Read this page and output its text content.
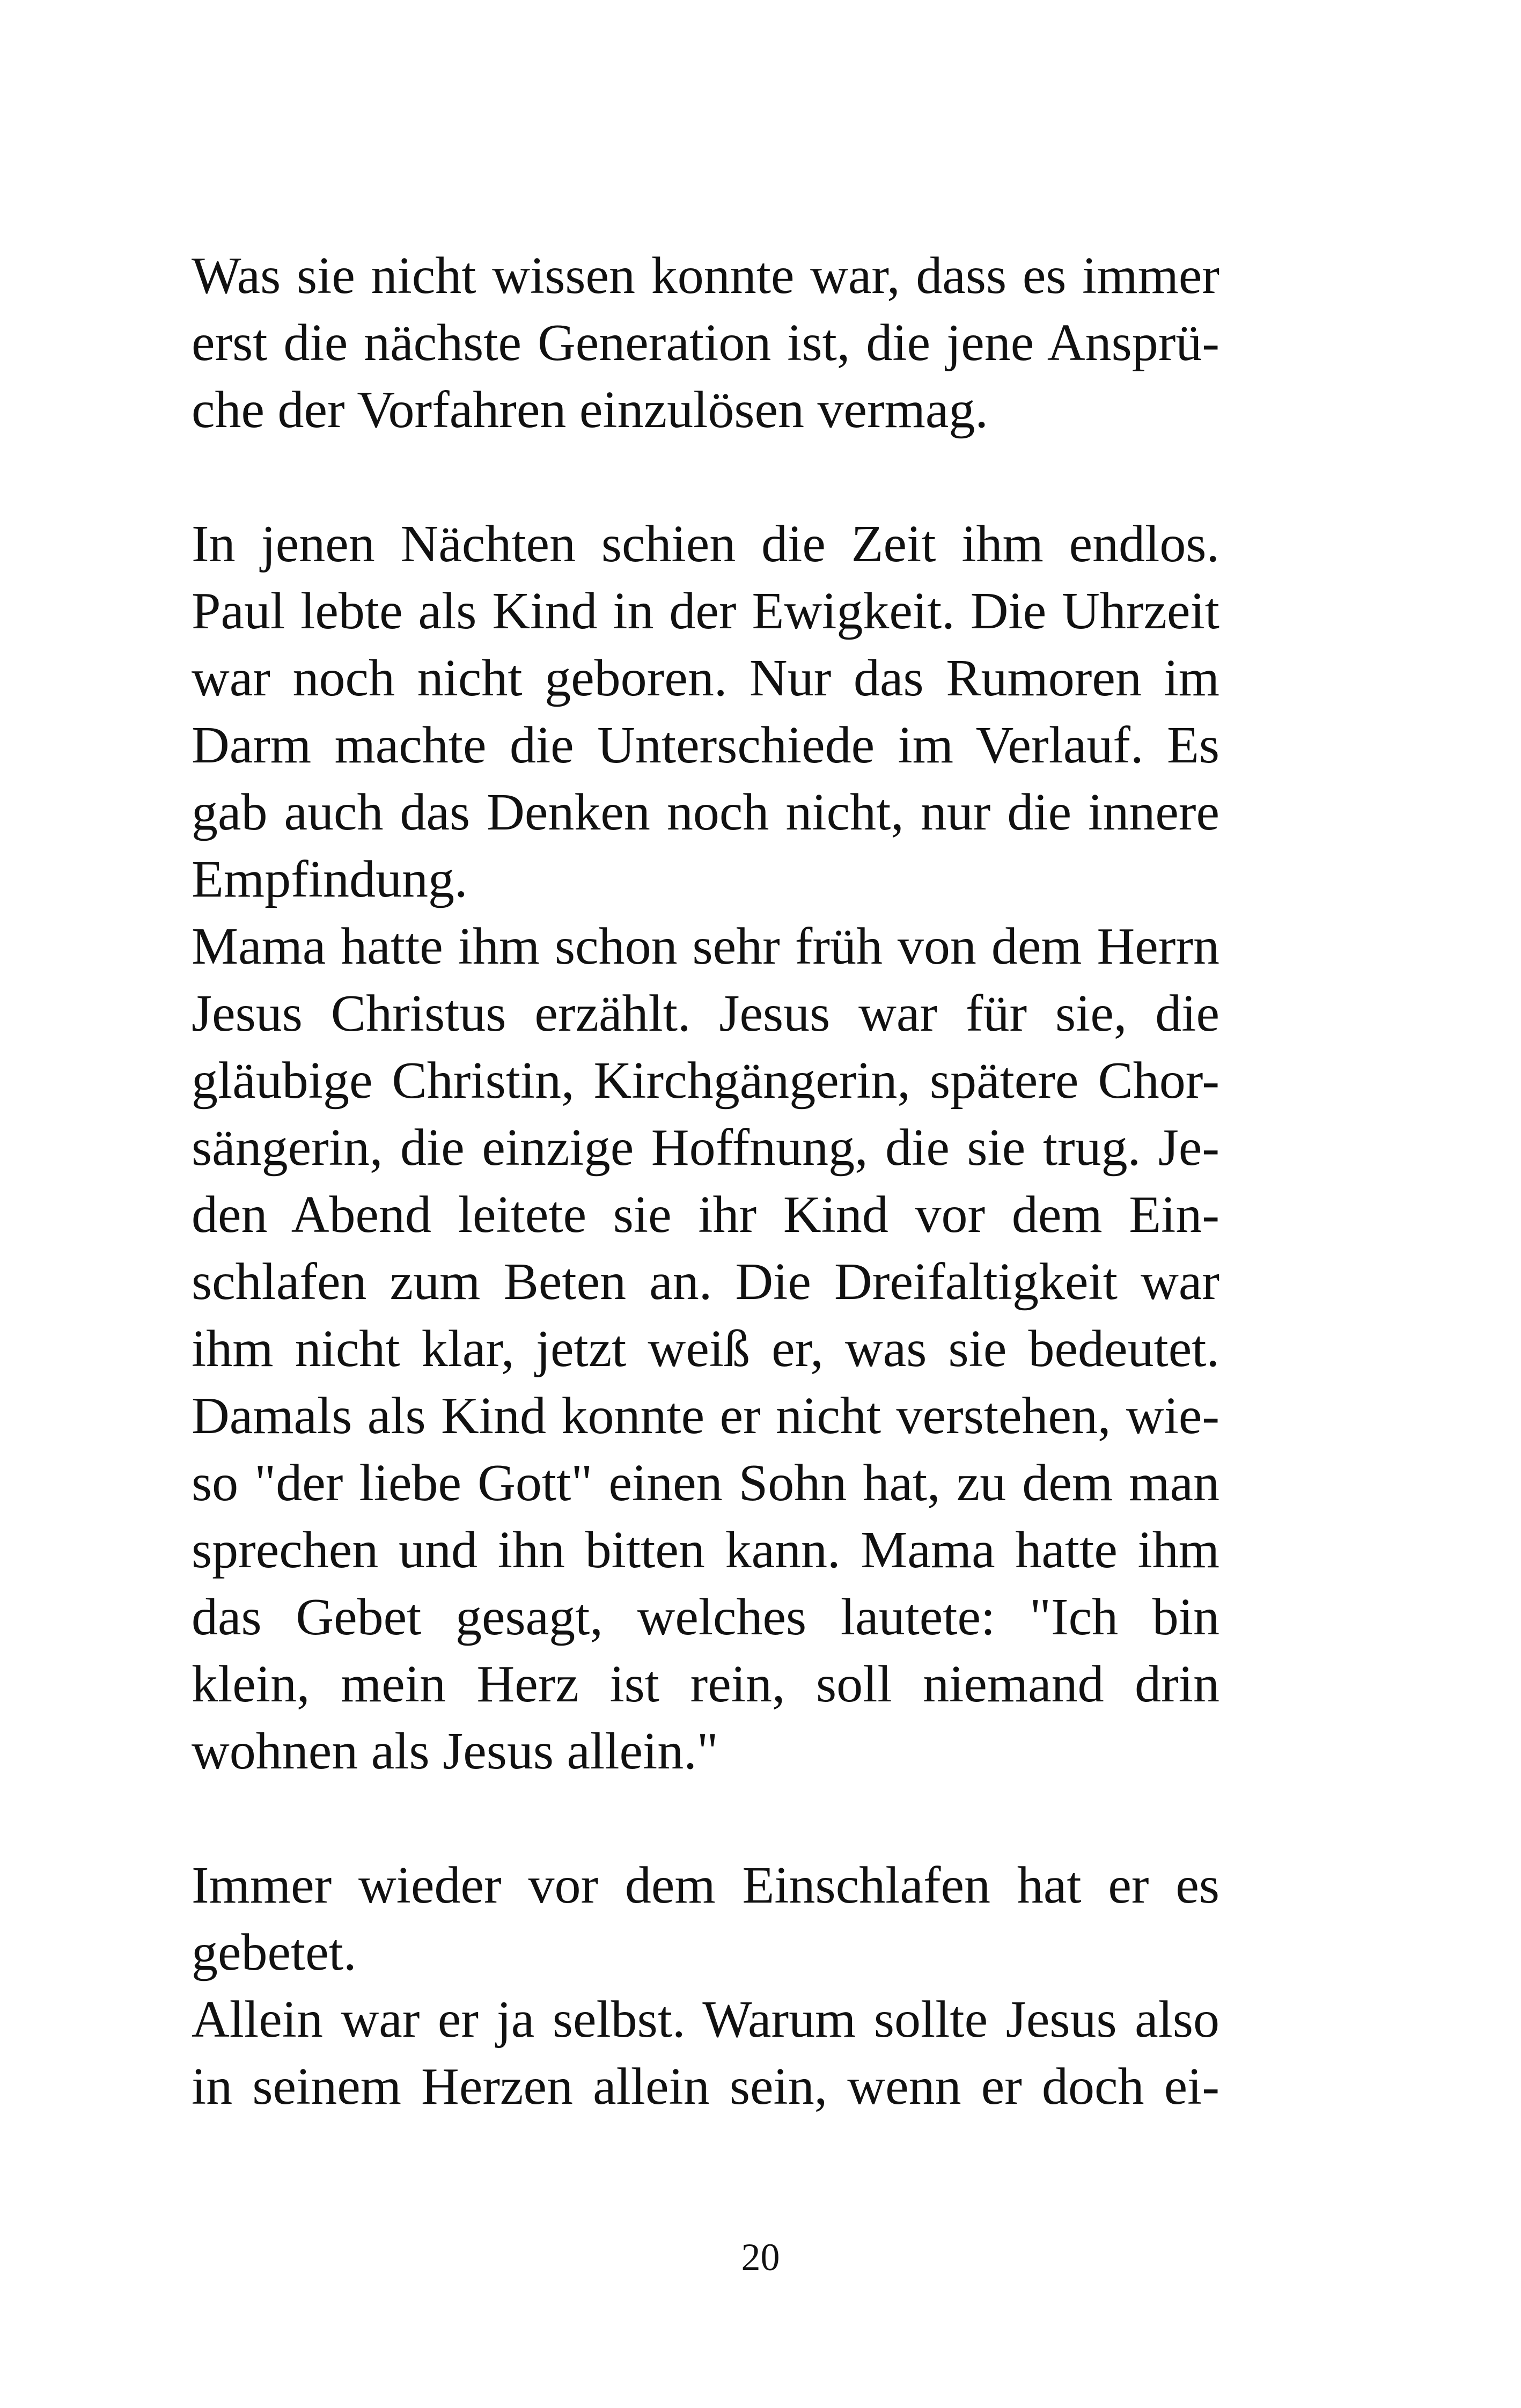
Was sie nicht wissen konnte war, dass es immer
erst die nächste Generation ist, die jene Ansprü-
che der Vorfahren einzulösen vermag.

In jenen Nächten schien die Zeit ihm endlos.
Paul lebte als Kind in der Ewigkeit. Die Uhrzeit
war noch nicht geboren. Nur das Rumoren im
Darm machte die Unterschiede im Verlauf. Es
gab auch das Denken noch nicht, nur die innere
Empfindung.

Mama hatte ihm schon sehr früh von dem Herrn
Jesus Christus erzählt. Jesus war für sie, die
gläubige Christin, Kirchgängerin, spätere Chor-
sängerin, die einzige Hoffnung, die sie trug. Je-
den Abend leitete sie ihr Kind vor dem Ein-
schlafen zum Beten an. Die Dreifaltigkeit war
ihm nicht klar, jetzt weiß er, was sie bedeutet.
Damals als Kind konnte er nicht verstehen, wie-
so "der liebe Gott" einen Sohn hat, zu dem man
sprechen und ihn bitten kann. Mama hatte ihm
das Gebet gesagt, welches lautete: "Ich bin
klein, mein Herz ist rein, soll niemand drin
wohnen als Jesus allein."

Immer wieder vor dem Einschlafen hat er es
gebetet.

Allein war er ja selbst. Warum sollte Jesus also
in seinem Herzen allein sein, wenn er doch ei-

20
